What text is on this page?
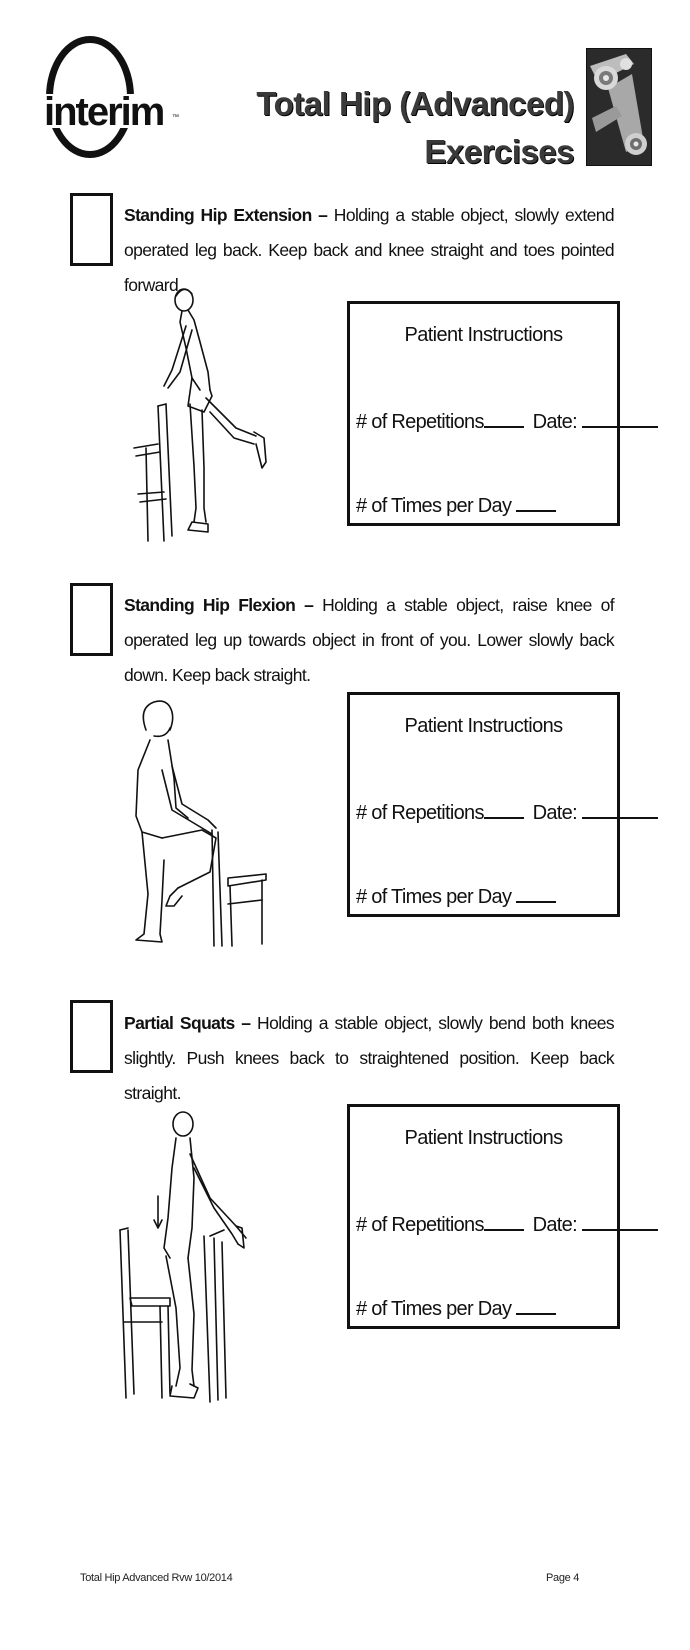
interim ™ Total Hip (Advanced)
Exercises
Standing Hip Extension – Holding a stable object, slowly extend operated leg back. Keep back and knee straight and toes pointed forward.
Patient Instructions
# of Repetitions Date:
# of Times per Day
Standing Hip Flexion – Holding a stable object, raise knee of operated leg up towards object in front of you. Lower slowly back down. Keep back straight.
Patient Instructions
# of Repetitions Date:
# of Times per Day
Partial Squats – Holding a stable object, slowly bend both knees slightly. Push knees back to straightened position. Keep back straight.
Patient Instructions
# of Repetitions Date:
# of Times per Day
Total Hip Advanced Rvw 10/2014	Page 4
